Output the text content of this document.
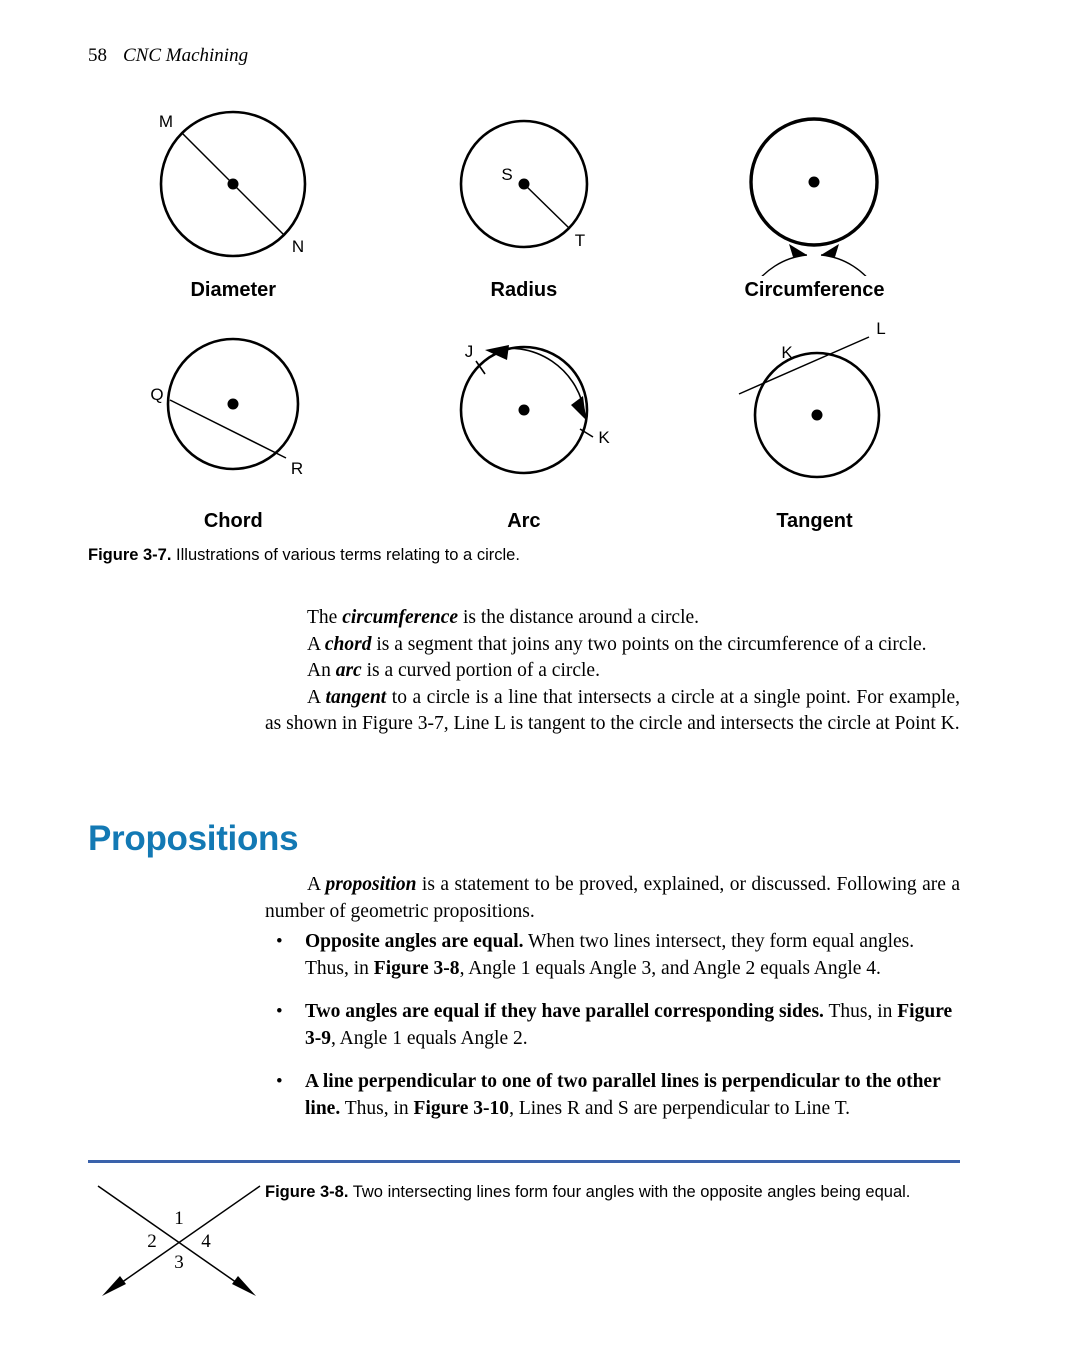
58 CNC Machining
M
N
Diameter
S
T
Radius	Circumference
Q
R
Chord
J
K
Arc
K
L
Tangent
Figure 3-7. Illustrations of various terms relating to a circle.

The circumference is the distance around a circle.

A chord is a segment that joins any two points on the circumference of a circle.

An arc is a curved portion of a circle.

A tangent to a circle is a line that intersects a circle at a single point. For example, as shown in Figure 3-7, Line L is tangent to the circle and intersects the circle at Point K.

Propositions

A proposition is a statement to be proved, explained, or discussed. Following are a number of geometric propositions.

• Opposite angles are equal. When two lines intersect, they form equal angles. Thus, in Figure 3-8, Angle 1 equals Angle 3, and Angle 2 equals Angle 4.
• Two angles are equal if they have parallel corresponding sides. Thus, in Figure 3-9, Angle 1 equals Angle 2.
• A line perpendicular to one of two parallel lines is perpendicular to the other line. Thus, in Figure 3-10, Lines R and S are perpendicular to Line T.
1
2
3
4
Figure 3-8. Two intersecting lines form four angles with the opposite angles being equal.
